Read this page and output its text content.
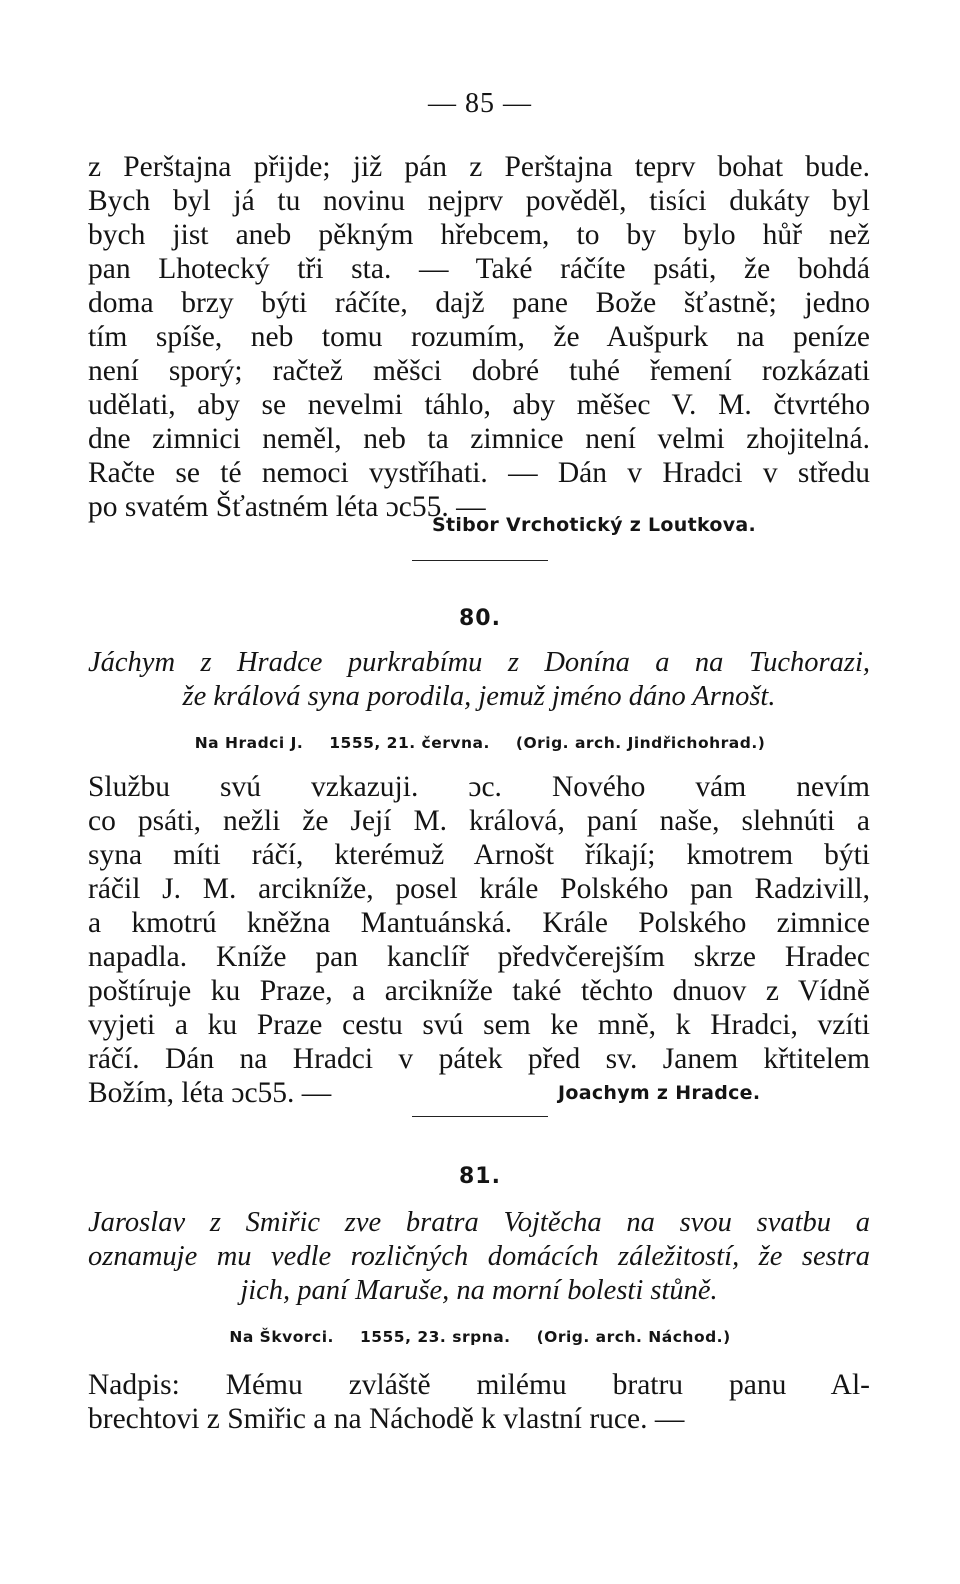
— 85 —
z Perštajna přijde; již pán z Perštajna teprv bohat bude.
Bych byl já tu novinu nejprv pověděl, tisíci dukáty byl
bych jist aneb pěkným hřebcem, to by bylo hůř než
pan Lhotecký tři sta. — Také ráčíte psáti, že bohdá
doma brzy býti ráčíte, dajž pane Bože šťastně; jedno
tím spíše, neb tomu rozumím, že Aušpurk na peníze
není sporý; račtež měšci dobré tuhé řemení rozkázati
udělati, aby se nevelmi táhlo, aby měšec V. M. čtvrtého
dne zimnici neměl, neb ta zimnice není velmi zhojitelná.
Račte se té nemoci vystříhati. — Dán v Hradci v středu
po svatém Šťastném léta ɔc55. —
Stibor Vrchotický z Loutkova.
80.
Jáchym z Hradce purkrabímu z Donína a na Tuchorazi,
že králová syna porodila, jemuž jméno dáno Arnošt.
Na Hradci J. 1555, 21. června. (Orig. arch. Jindřichohrad.)
Službu svú vzkazuji. ɔc. Nového vám nevím
co psáti, nežli že Její M. králová, paní naše, slehnúti a
syna míti ráčí, kterémuž Arnošt říkají; kmotrem býti
ráčil J. M. arcikníže, posel krále Polského pan Radzivill,
a kmotrú kněžna Mantuánská. Krále Polského zimnice
napadla. Kníže pan kanclíř předvčerejším skrze Hradec
poštíruje ku Praze, a arcikníže také těchto dnuov z Vídně
vyjeti a ku Praze cestu svú sem ke mně, k Hradci, vzíti
ráčí. Dán na Hradci v pátek před sv. Janem křtitelem
Božím, léta ɔc55. —	Joachym z Hradce.
81.
Jaroslav z Smiřic zve bratra Vojtěcha na svou svatbu a
oznamuje mu vedle rozličných domácích záležitostí, že sestra
jich, paní Maruše, na morní bolesti stůně.
Na Škvorci. 1555, 23. srpna. (Orig. arch. Náchod.)
Nadpis: Mému zvláště milému bratru panu Al-
brechtovi z Smiřic a na Náchodě k vlastní ruce. —
